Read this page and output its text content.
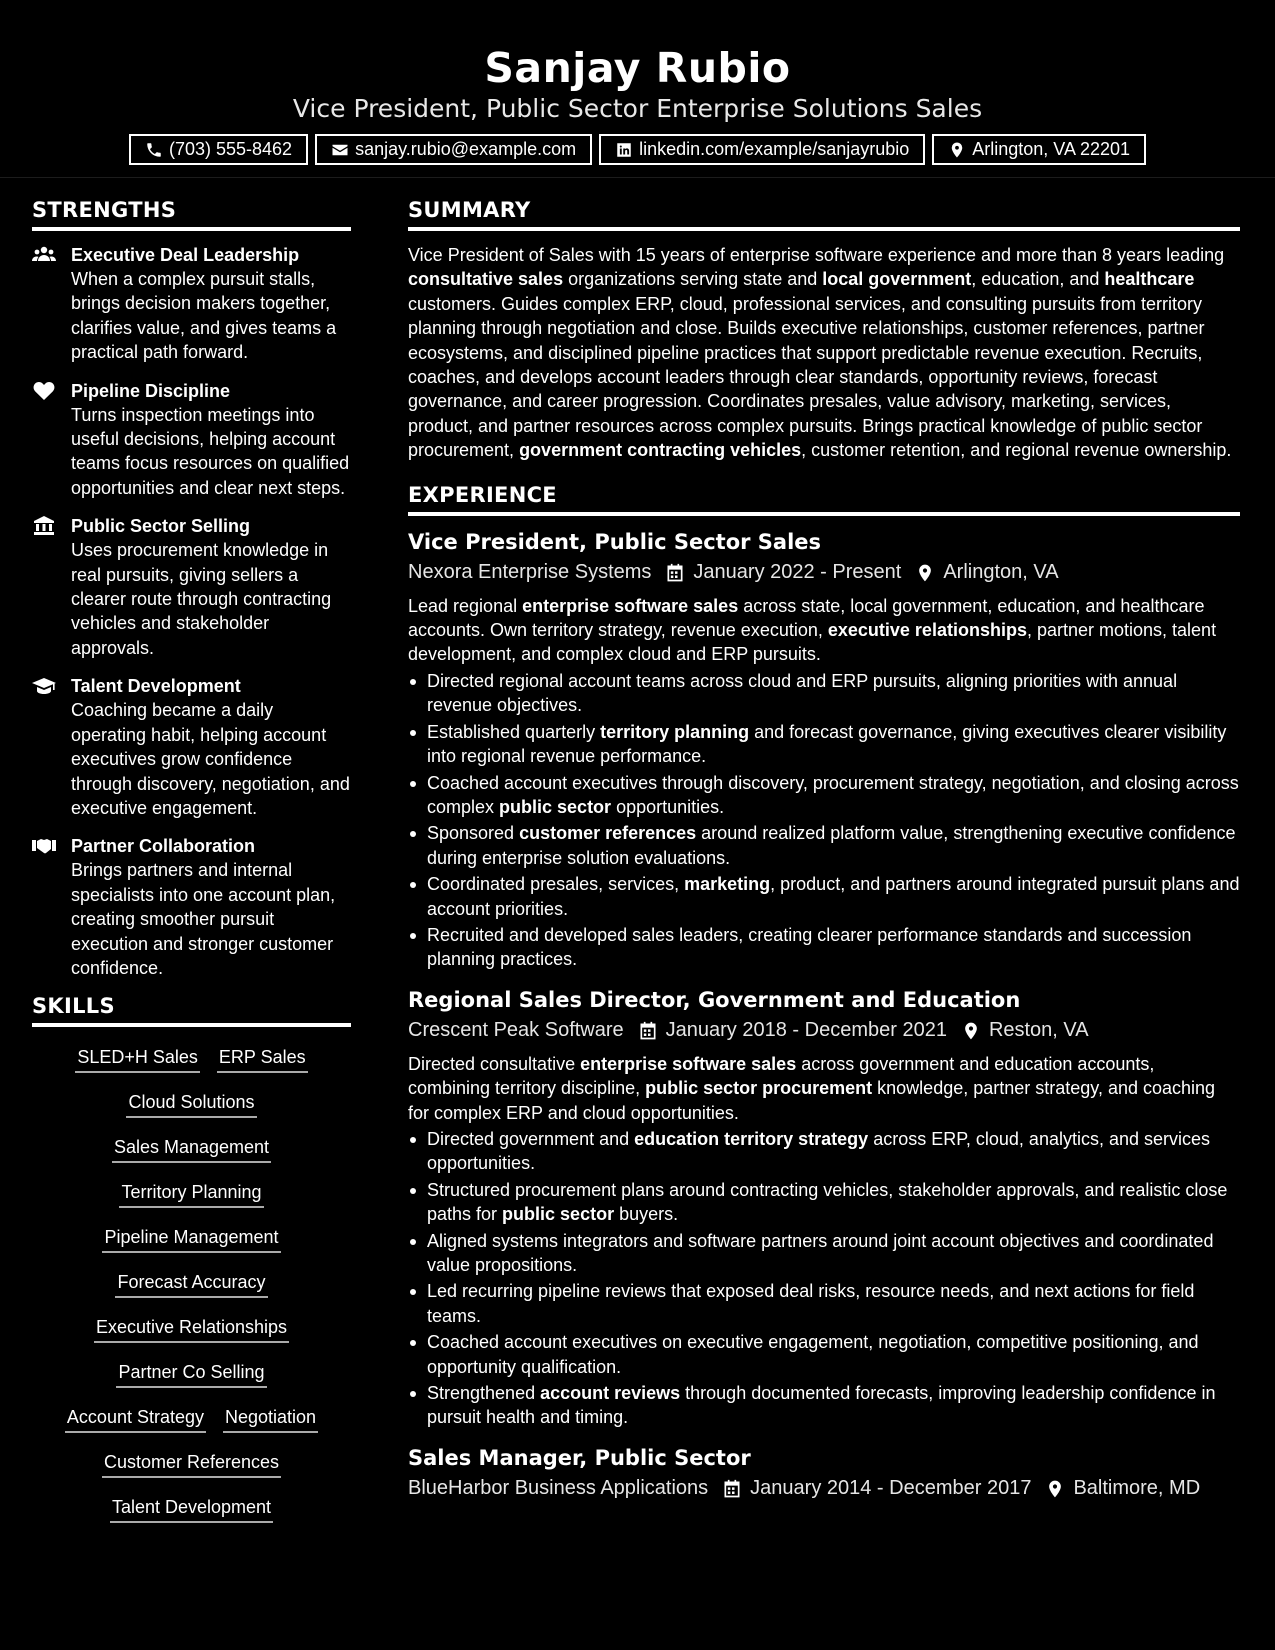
Sanjay Rubio
Vice President, Public Sector Enterprise Solutions Sales
(703) 555-8462	sanjay.rubio@example.com	linkedin.com/example/sanjayrubio	Arlington, VA 22201
STRENGTHS
Executive Deal Leadership
When a complex pursuit stalls, brings decision makers together, clarifies value, and gives teams a practical path forward.
Pipeline Discipline
Turns inspection meetings into useful decisions, helping account teams focus resources on qualified opportunities and clear next steps.
Public Sector Selling
Uses procurement knowledge in real pursuits, giving sellers a clearer route through contracting vehicles and stakeholder approvals.
Talent Development
Coaching became a daily operating habit, helping account executives grow confidence through discovery, negotiation, and executive engagement.
Partner Collaboration
Brings partners and internal specialists into one account plan, creating smoother pursuit execution and stronger customer confidence.
SKILLS
SLED+H Sales ERP Sales
Cloud Solutions
Sales Management
Territory Planning
Pipeline Management
Forecast Accuracy
Executive Relationships
Partner Co Selling
Account Strategy Negotiation
Customer References
Talent Development
SUMMARY
Vice President of Sales with 15 years of enterprise software experience and more than 8 years leading consultative sales organizations serving state and local government, education, and healthcare customers. Guides complex ERP, cloud, professional services, and consulting pursuits from territory planning through negotiation and close. Builds executive relationships, customer references, partner ecosystems, and disciplined pipeline practices that support predictable revenue execution. Recruits, coaches, and develops account leaders through clear standards, opportunity reviews, forecast governance, and career progression. Coordinates presales, value advisory, marketing, services, product, and partner resources across complex pursuits. Brings practical knowledge of public sector procurement, government contracting vehicles, customer retention, and regional revenue ownership.
EXPERIENCE
Vice President, Public Sector Sales
Nexora Enterprise Systems January 2022 - Present Arlington, VA
Lead regional enterprise software sales across state, local government, education, and healthcare accounts. Own territory strategy, revenue execution, executive relationships, partner motions, talent development, and complex cloud and ERP pursuits.
Directed regional account teams across cloud and ERP pursuits, aligning priorities with annual revenue objectives.
Established quarterly territory planning and forecast governance, giving executives clearer visibility into regional revenue performance.
Coached account executives through discovery, procurement strategy, negotiation, and closing across complex public sector opportunities.
Sponsored customer references around realized platform value, strengthening executive confidence during enterprise solution evaluations.
Coordinated presales, services, marketing, product, and partners around integrated pursuit plans and account priorities.
Recruited and developed sales leaders, creating clearer performance standards and succession planning practices.
Regional Sales Director, Government and Education
Crescent Peak Software January 2018 - December 2021 Reston, VA
Directed consultative enterprise software sales across government and education accounts, combining territory discipline, public sector procurement knowledge, partner strategy, and coaching for complex ERP and cloud opportunities.
Directed government and education territory strategy across ERP, cloud, analytics, and services opportunities.
Structured procurement plans around contracting vehicles, stakeholder approvals, and realistic close paths for public sector buyers.
Aligned systems integrators and software partners around joint account objectives and coordinated value propositions.
Led recurring pipeline reviews that exposed deal risks, resource needs, and next actions for field teams.
Coached account executives on executive engagement, negotiation, competitive positioning, and opportunity qualification.
Strengthened account reviews through documented forecasts, improving leadership confidence in pursuit health and timing.
Sales Manager, Public Sector
BlueHarbor Business Applications January 2014 - December 2017 Baltimore, MD
